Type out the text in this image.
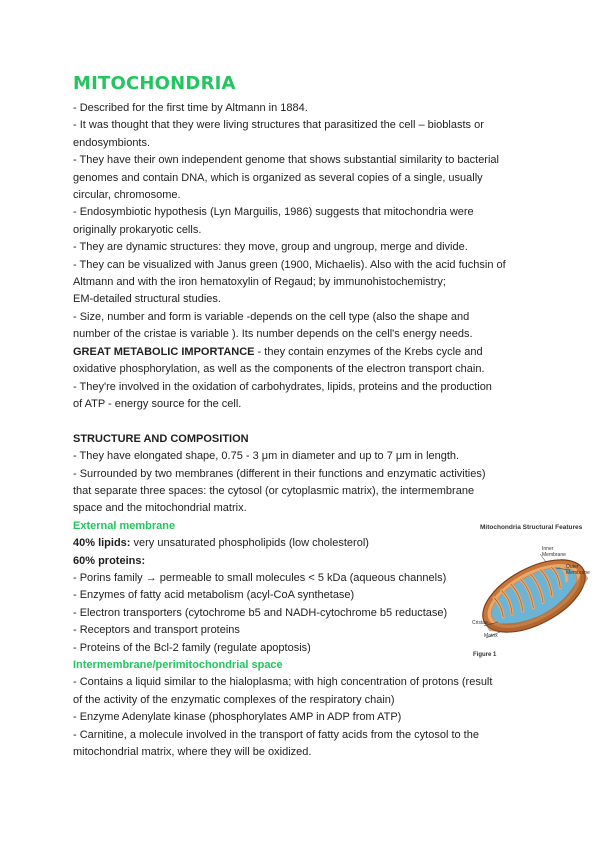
MITOCHONDRIA
- Described for the first time by Altmann in 1884.
- It was thought that they were living structures that parasitized the cell – bioblasts or
endosymbionts.
- They have their own independent genome that shows substantial similarity to bacterial
genomes and contain DNA, which is organized as several copies of a single, usually
circular, chromosome.
- Endosymbiotic hypothesis (Lyn Marguilis, 1986) suggests that mitochondria were
originally prokaryotic cells.
- They are dynamic structures: they move, group and ungroup, merge and divide.
- They can be visualized with Janus green (1900, Michaelis). Also with the acid fuchsin of
Altmann and with the iron hematoxylin of Regaud; by immunohistochemistry;
EM-detailed structural studies.
- Size, number and form is variable -depends on the cell type (also the shape and
number of the cristae is variable ). Its number depends on the cell's energy needs.
GREAT METABOLIC IMPORTANCE - they contain enzymes of the Krebs cycle and
oxidative phosphorylation, as well as the components of the electron transport chain.
- They're involved in the oxidation of carbohydrates, lipids, proteins and the production
of ATP - energy source for the cell.
STRUCTURE AND COMPOSITION
- They have elongated shape, 0.75 - 3 μm in diameter and up to 7 μm in length.
- Surrounded by two membranes (different in their functions and enzymatic activities)
that separate three spaces: the cytosol (or cytoplasmic matrix), the intermembrane
space and the mitochondrial matrix.
External membrane
40% lipids: very unsaturated phospholipids (low cholesterol)
60% proteins:
- Porins family → permeable to small molecules < 5 kDa (aqueous channels)
- Enzymes of fatty acid metabolism (acyl-CoA synthetase)
- Electron transporters (cytochrome b5 and NADH-cytochrome b5 reductase)
- Receptors and transport proteins
- Proteins of the Bcl-2 family (regulate apoptosis)
Intermembrane/perimitochondrial space
- Contains a liquid similar to the hialoplasma; with high concentration of protons (result
of the activity of the enzymatic complexes of the respiratory chain)
- Enzyme Adenylate kinase (phosphorylates AMP in ADP from ATP)
- Carnitine, a molecule involved in the transport of fatty acids from the cytosol to the
mitochondrial matrix, where they will be oxidized.
Mitochondria Structural Features
Inner
Membrane
Outer
Membrane
Cristae
Matrix
Figure 1
